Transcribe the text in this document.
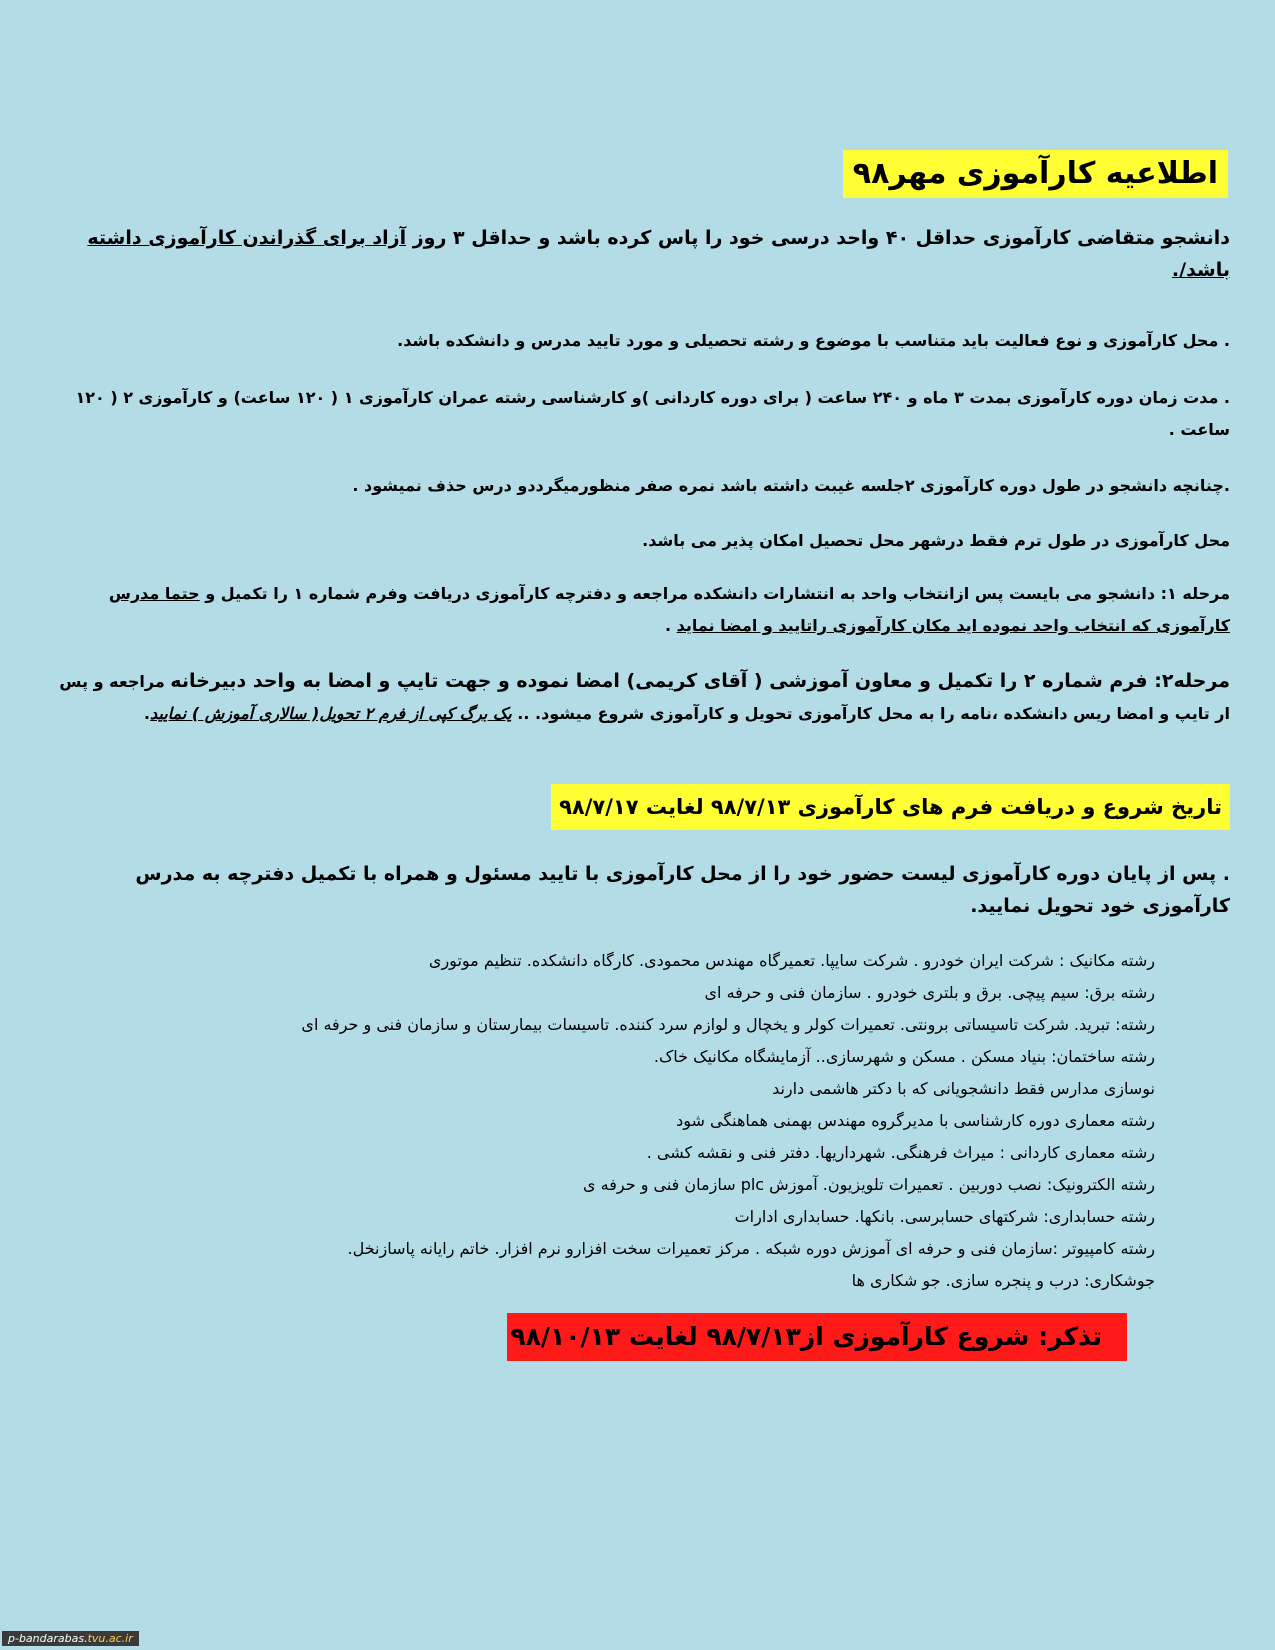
اطلاعیه کارآموزی مهر۹۸
دانشجو متقاضی کارآموزی حداقل ۴۰ واحد درسی خود را پاس کرده باشد و حداقل ۳ روز آزاد برای گذراندن کارآموزی داشته باشد/.
. محل کارآموزی و نوع فعالیت باید متناسب با موضوع و رشته تحصیلی و مورد تایید مدرس و دانشکده باشد.
. مدت زمان دوره کارآموزی بمدت ۳ ماه و ۲۴۰ ساعت ( برای دوره کاردانی )و کارشناسی رشته عمران کارآموزی ۱ ( ۱۲۰ ساعت) و کارآموزی ۲ ( ۱۲۰ ساعت .
.چنانچه دانشجو در طول دوره کارآموزی ۲جلسه غیبت داشته باشد نمره صفر منظورمیگرددو درس حذف نمیشود .
محل کارآموزی در طول ترم فقط درشهر محل تحصیل امکان پذیر می باشد.
مرحله ۱: دانشجو می بایست پس ازانتخاب واحد به انتشارات دانشکده مراجعه و دفترچه کارآموزی دریافت وفرم شماره ۱ را تکمیل و حتما مدرس کارآموزی که انتخاب واحد نموده اید مکان کارآموزی راتایید و امضا نماید .
مرحله۲: فرم شماره ۲ را تکمیل و معاون آموزشی ( آقای کریمی) امضا نموده و جهت تایپ و امضا به واحد دبیرخانه مراجعه و پس ار تایپ و امضا ریس دانشکده ،نامه را به محل کارآموزی تحویل و کارآموزی شروع میشود. .. یک برگ کپی از فرم ۲ تحویل( سالاری آموزش ) نمایید.
تاریخ شروع و دریافت فرم های کارآموزی ۹۸/۷/۱۳ لغایت ۹۸/۷/۱۷
. پس از پایان دوره کارآموزی لیست حضور خود را از محل کارآموزی با تایید مسئول و همراه با تکمیل دفترچه به مدرس کارآموزی خود تحویل نمایید.
رشته مکانیک : شرکت ایران خودرو . شرکت سایپا. تعمیرگاه مهندس محمودی. کارگاه دانشکده. تنظیم موتوری
رشته برق: سیم پیچی. برق و بلتری خودرو . سازمان فنی و حرفه ای
رشته: تبرید. شرکت تاسیساتی برونتی. تعمیرات کولر و یخچال و لوازم سرد کننده. تاسیسات بیمارستان و سازمان فنی و حرفه ای
رشته ساختمان: بنیاد مسکن . مسکن و شهرسازی.. آزمایشگاه مکانیک خاک.
نوسازی مدارس فقط دانشجویانی که با دکتر هاشمی دارند
رشته معماری دوره کارشناسی با مدیرگروه مهندس بهمنی هماهنگی شود
رشته معماری کاردانی : میراث فرهنگی. شهرداریها. دفتر فنی و نقشه کشی .
رشته الکترونیک: نصب دوربین . تعمیرات تلویزیون. آموزش plc سازمان فنی و حرفه ی
رشته حسابداری: شرکتهای حسابرسی. بانکها. حسابداری ادارات
رشته کامپیوتر :سازمان فنی و حرفه ای آموزش دوره شبکه . مرکز تعمیرات سخت افزارو نرم افزار. خاتم رایانه پاسازنخل.
جوشکاری: درب و پنجره سازی. جو شکاری ها
تذکر: شروع کارآموزی از۹۸/۷/۱۳ لغایت ۹۸/۱۰/۱۳
p-bandarabas.tvu.ac.ir
